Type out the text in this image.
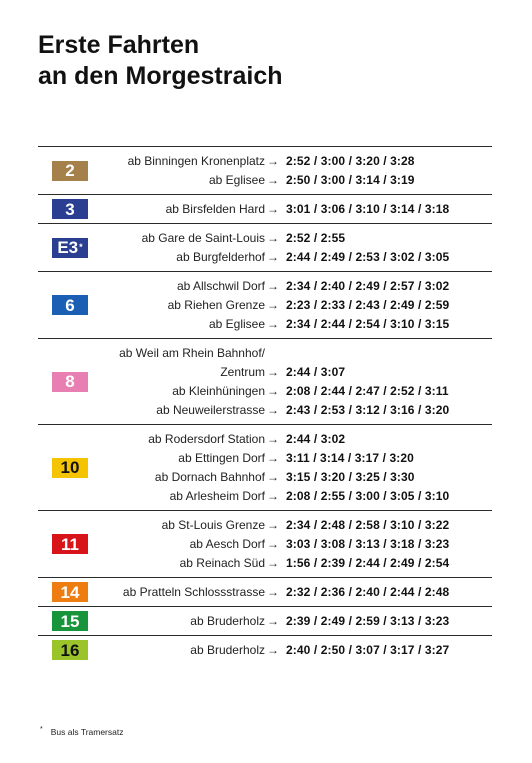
Erste Fahrten
an den Morgestraich
2	ab Binningen Kronenplatz → 2:52 / 3:00 / 3:20 / 3:28
ab Eglisee → 2:50 / 3:00 / 3:14 / 3:19
3	ab Birsfelden Hard → 3:01 / 3:06 / 3:10 / 3:14 / 3:18
E3 *
ab Gare de Saint-Louis → 2:52 / 2:55
ab Burgfelderhof → 2:44 / 2:49 / 2:53 / 3:02 / 3:05
6
ab Allschwil Dorf → 2:34 / 2:40 / 2:49 / 2:57 / 3:02
ab Riehen Grenze → 2:23 / 2:33 / 2:43 / 2:49 / 2:59
ab Eglisee → 2:34 / 2:44 / 2:54 / 3:10 / 3:15
8
ab Weil am Rhein Bahnhof/
Zentrum → 2:44 / 3:07
ab Kleinhüningen → 2:08 / 2:44 / 2:47 / 2:52 / 3:11
ab Neuweilerstrasse → 2:43 / 2:53 / 3:12 / 3:16 / 3:20
10
ab Rodersdorf Station → 2:44 / 3:02
ab Ettingen Dorf → 3:11 / 3:14 / 3:17 / 3:20
ab Dornach Bahnhof → 3:15 / 3:20 / 3:25 / 3:30
ab Arlesheim Dorf → 2:08 / 2:55 / 3:00 / 3:05 / 3:10
11
ab St-Louis Grenze → 2:34 / 2:48 / 2:58 / 3:10 / 3:22
ab Aesch Dorf → 3:03 / 3:08 / 3:13 / 3:18 / 3:23
ab Reinach Süd → 1:56 / 2:39 / 2:44 / 2:49 / 2:54
14	ab Pratteln Schlossstrasse → 2:32 / 2:36 / 2:40 / 2:44 / 2:48
15	ab Bruderholz → 2:39 / 2:49 / 2:59 / 3:13 / 3:23
16	ab Bruderholz → 2:40 / 2:50 / 3:07 / 3:17 / 3:27
* Bus als Tramersatz
